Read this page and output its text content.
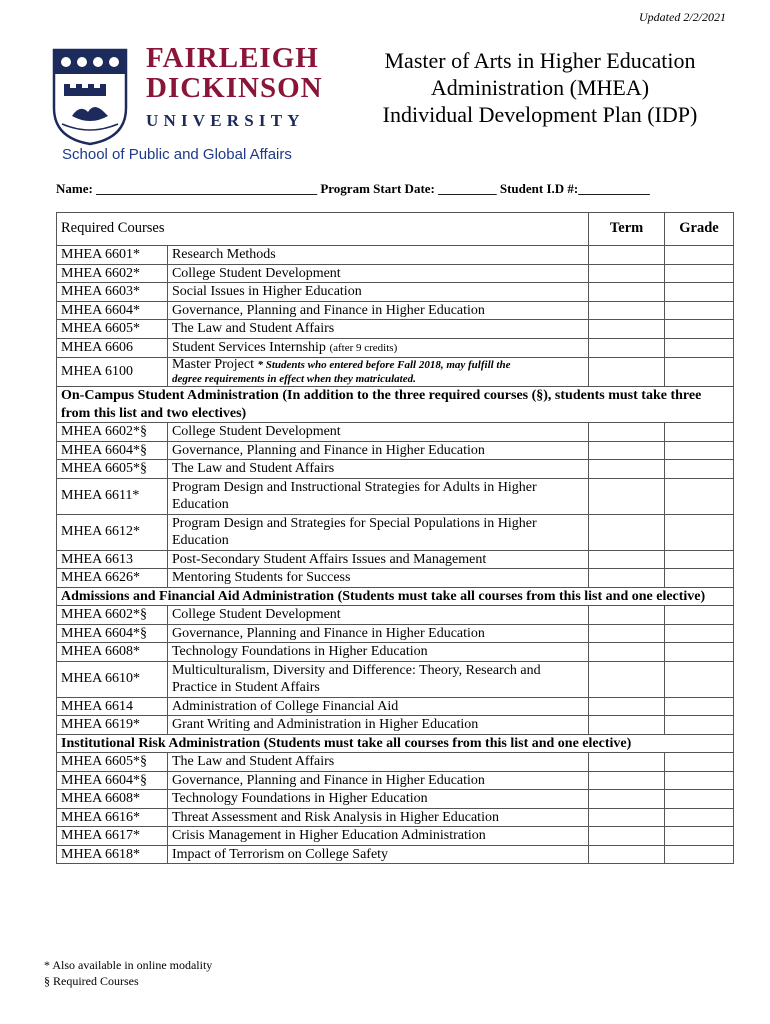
Updated 2/2/2021
FAIRLEIGH
DICKINSON
UNIVERSITY
School of Public and Global Affairs
Master of Arts in Higher Education
Administration (MHEA)
Individual Development Plan (IDP)
Name: __________________________________ Program Start Date: _________ Student I.D #:___________
Required Courses		Term	Grade
MHEA 6601*	Research Methods		
MHEA 6602*	College Student Development		
MHEA 6603*	Social Issues in Higher Education		
MHEA 6604*	Governance, Planning and Finance in Higher Education		
MHEA 6605*	The Law and Student Affairs		
MHEA 6606	Student Services Internship (after 9 credits)		
MHEA 6100	Master Project * Students who entered before Fall 2018, may fulfill the
degree requirements in effect when they matriculated.		
On-Campus Student Administration (In addition to the three required courses (§), students must take three from this list and two electives)			
MHEA 6602*§	College Student Development		
MHEA 6604*§	Governance, Planning and Finance in Higher Education		
MHEA 6605*§	The Law and Student Affairs		
MHEA 6611*	Program Design and Instructional Strategies for Adults in Higher Education		
MHEA 6612*	Program Design and Strategies for Special Populations in Higher Education		
MHEA 6613	Post-Secondary Student Affairs Issues and Management		
MHEA 6626*	Mentoring Students for Success		
Admissions and Financial Aid Administration (Students must take all courses from this list and one elective)			
MHEA 6602*§	College Student Development		
MHEA 6604*§	Governance, Planning and Finance in Higher Education		
MHEA 6608*	Technology Foundations in Higher Education		
MHEA 6610*	Multiculturalism, Diversity and Difference: Theory, Research and Practice in Student Affairs		
MHEA 6614	Administration of College Financial Aid		
MHEA 6619*	Grant Writing and Administration in Higher Education		
Institutional Risk Administration (Students must take all courses from this list and one elective)			
MHEA 6605*§	The Law and Student Affairs		
MHEA 6604*§	Governance, Planning and Finance in Higher Education		
MHEA 6608*	Technology Foundations in Higher Education		
MHEA 6616*	Threat Assessment and Risk Analysis in Higher Education		
MHEA 6617*	Crisis Management in Higher Education Administration		
MHEA 6618*	Impact of Terrorism on College Safety		
* Also available in online modality
§ Required Courses
